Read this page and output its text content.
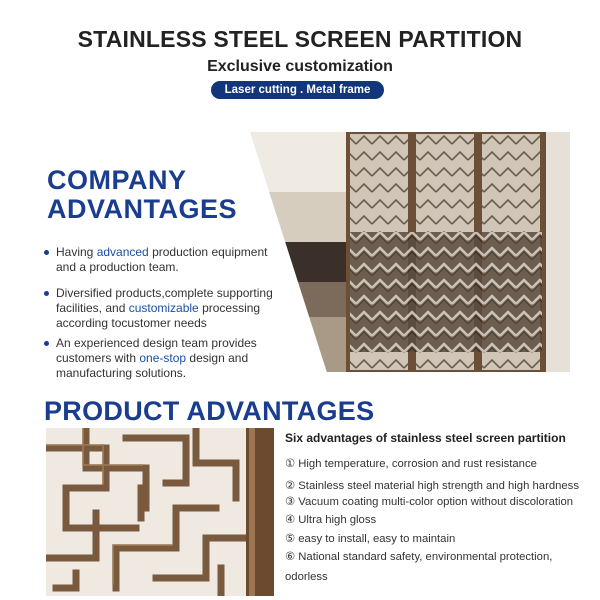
STAINLESS STEEL SCREEN PARTITION
Exclusive customization
Laser cutting . Metal frame
COMPANY
ADVANTAGES
Having advanced production equipment and a production team.
Diversified products,complete supporting facilities, and customizable processing according tocustomer needs
An experienced design team provides customers with one-stop design and manufacturing solutions.
PRODUCT ADVANTAGES
Six advantages of stainless steel screen partition
① High temperature, corrosion and rust resistance
② Stainless steel material high strength and high hardness
③ Vacuum coating multi-color option without discoloration
④ Ultra high gloss
⑤ easy to install, easy to maintain
⑥ National standard safety, environmental protection, odorless
